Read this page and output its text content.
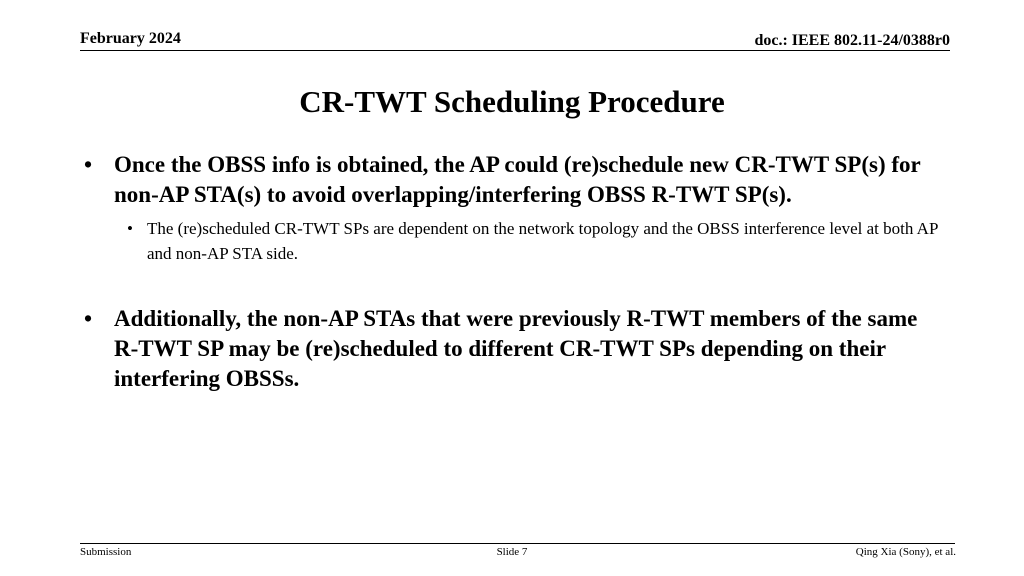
February 2024	doc.: IEEE 802.11-24/0388r0
CR-TWT Scheduling Procedure
• Once the OBSS info is obtained, the AP could (re)schedule new CR-TWT SP(s) for non-AP STA(s) to avoid overlapping/interfering OBSS R-TWT SP(s).
• The (re)scheduled CR-TWT SPs are dependent on the network topology and the OBSS interference level at both AP and non-AP STA side.
• Additionally, the non-AP STAs that were previously R-TWT members of the same R-TWT SP may be (re)scheduled to different CR-TWT SPs depending on their interfering OBSSs.
Submission	Slide 7	Qing Xia (Sony), et al.
